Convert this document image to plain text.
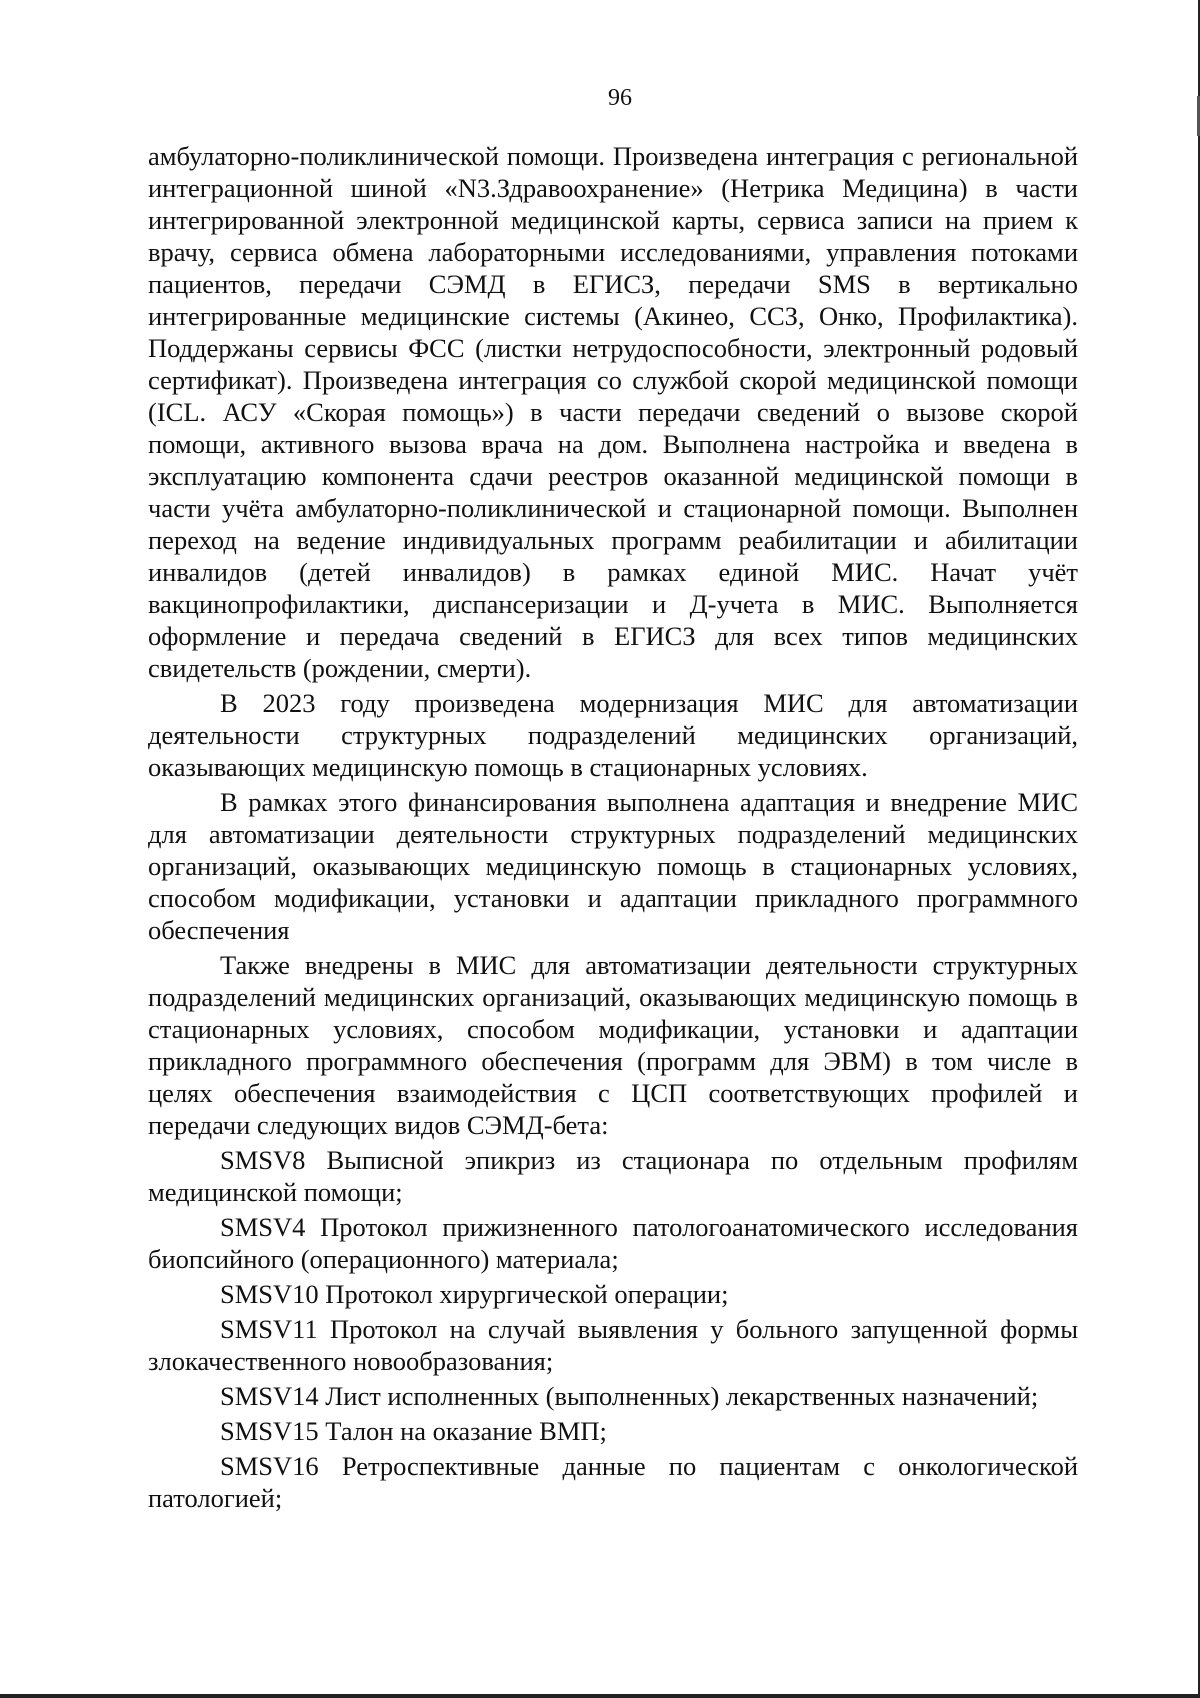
96

амбулаторно-поликлинической помощи. Произведена интеграция с региональной интеграционной шиной «N3.Здравоохранение» (Нетрика Медицина) в части интегрированной электронной медицинской карты, сервиса записи на прием к врачу, сервиса обмена лабораторными исследованиями, управления потоками пациентов, передачи СЭМД в ЕГИСЗ, передачи SMS в вертикально интегрированные медицинские системы (Акинео, ССЗ, Онко, Профилактика). Поддержаны сервисы ФСС (листки нетрудоспособности, электронный родовый сертификат). Произведена интеграция со службой скорой медицинской помощи (ICL. АСУ «Скорая помощь») в части передачи сведений о вызове скорой помощи, активного вызова врача на дом. Выполнена настройка и введена в эксплуатацию компонента сдачи реестров оказанной медицинской помощи в части учёта амбулаторно-поликлинической и стационарной помощи. Выполнен переход на ведение индивидуальных программ реабилитации и абилитации инвалидов (детей инвалидов) в рамках единой МИС. Начат учёт вакцинопрофилактики, диспансеризации и Д-учета в МИС. Выполняется оформление и передача сведений в ЕГИСЗ для всех типов медицинских свидетельств (рождении, смерти).

В 2023 году произведена модернизация МИС для автоматизации деятельности структурных подразделений медицинских организаций, оказывающих медицинскую помощь в стационарных условиях.

В рамках этого финансирования выполнена адаптация и внедрение МИС для автоматизации деятельности структурных подразделений медицинских организаций, оказывающих медицинскую помощь в стационарных условиях, способом модификации, установки и адаптации прикладного программного обеспечения

Также внедрены в МИС для автоматизации деятельности структурных подразделений медицинских организаций, оказывающих медицинскую помощь в стационарных условиях, способом модификации, установки и адаптации прикладного программного обеспечения (программ для ЭВМ) в том числе в целях обеспечения взаимодействия с ЦСП соответствующих профилей и передачи следующих видов СЭМД-бета:

SMSV8 Выписной эпикриз из стационара по отдельным профилям медицинской помощи;

SMSV4 Протокол прижизненного патологоанатомического исследования биопсийного (операционного) материала;

SMSV10 Протокол хирургической операции;

SMSV11 Протокол на случай выявления у больного запущенной формы злокачественного новообразования;

SMSV14 Лист исполненных (выполненных) лекарственных назначений;

SMSV15 Талон на оказание ВМП;

SMSV16 Ретроспективные данные по пациентам с онкологической патологией;
